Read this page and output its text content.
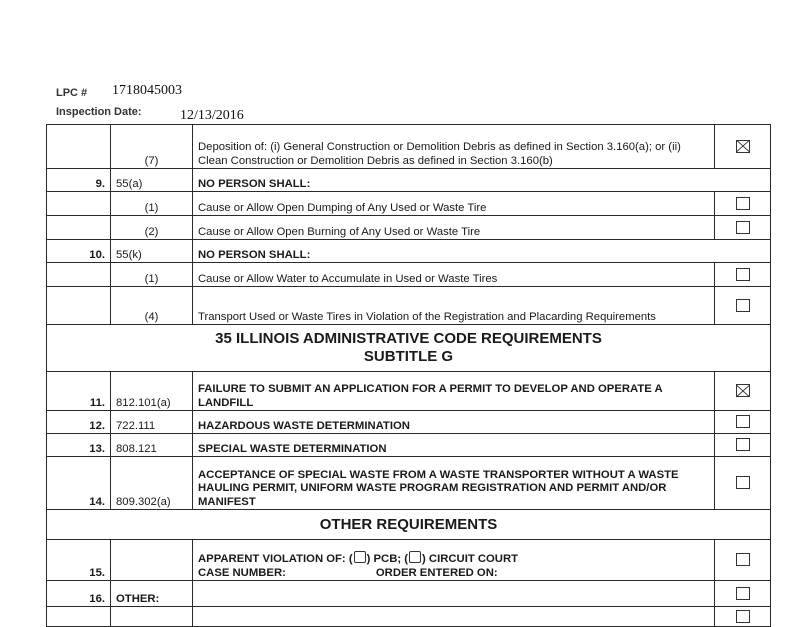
LPC # 1718045003
Inspection Date:	12/13/2016
	(7)	Deposition of: (i) General Construction or Demolition Debris as defined in Section 3.160(a); or (ii) Clean Construction or Demolition Debris as defined in Section 3.160(b)	
9.	55(a)	NO PERSON SHALL:	
	(1)	Cause or Allow Open Dumping of Any Used or Waste Tire	
	(2)	Cause or Allow Open Burning of Any Used or Waste Tire	
10.	55(k)	NO PERSON SHALL:	
	(1)	Cause or Allow Water to Accumulate in Used or Waste Tires	
	(4)	Transport Used or Waste Tires in Violation of the Registration and Placarding Requirements	

35 ILLINOIS ADMINISTRATIVE CODE REQUIREMENTS
SUBTITLE G			

11.	812.101(a)	FAILURE TO SUBMIT AN APPLICATION FOR A PERMIT TO DEVELOP AND OPERATE A LANDFILL	
12.	722.111	HAZARDOUS WASTE DETERMINATION	
13.	808.121	SPECIAL WASTE DETERMINATION	
14.	809.302(a)	ACCEPTANCE OF SPECIAL WASTE FROM A WASTE TRANSPORTER WITHOUT A WASTE HAULING PERMIT, UNIFORM WASTE PROGRAM REGISTRATION AND PERMIT AND/OR MANIFEST	
OTHER REQUIREMENTS			
15.		APPARENT VIOLATION OF: ( ) PCB; ( ) CIRCUIT COURT
CASE NUMBER: ORDER ENTERED ON:	

16.	OTHER:		
